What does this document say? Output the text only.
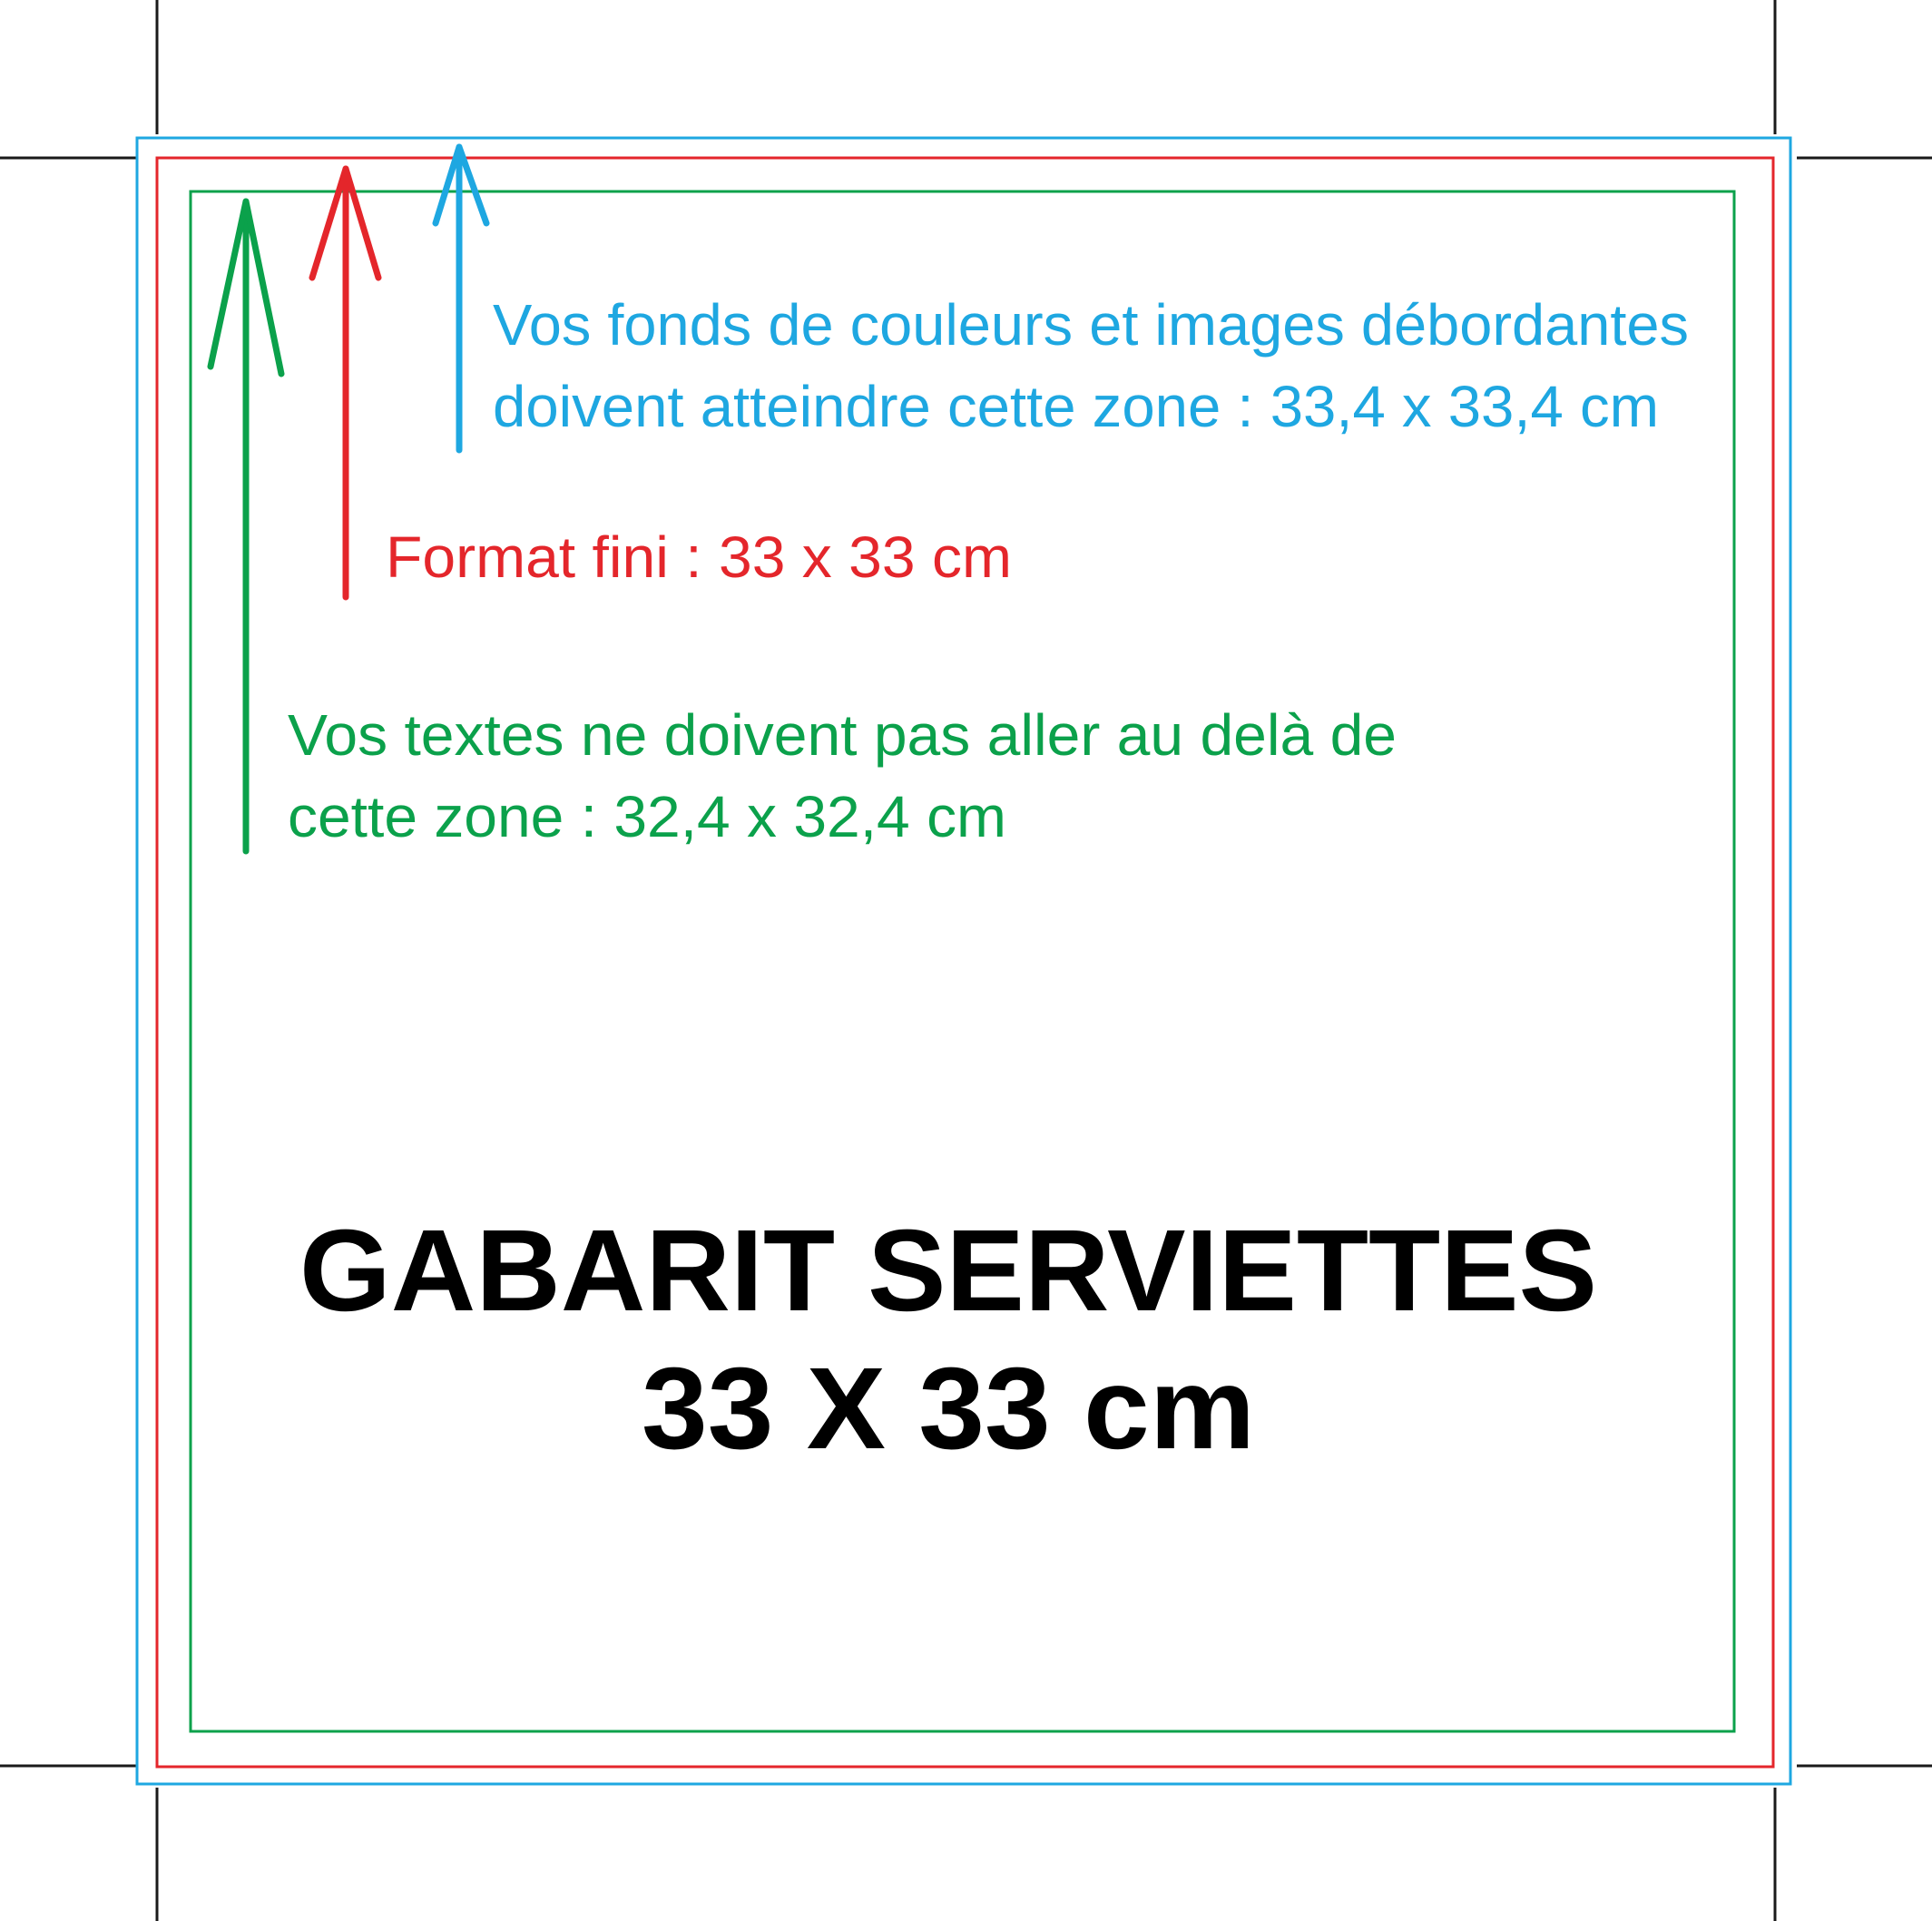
Vos fonds de couleurs et images débordantes
doivent atteindre cette zone : 33,4 x 33,4 cm
Format fini : 33 x 33 cm
Vos textes ne doivent pas aller au delà de
cette zone : 32,4 x 32,4 cm
GABARIT SERVIETTES
33 X 33 cm
